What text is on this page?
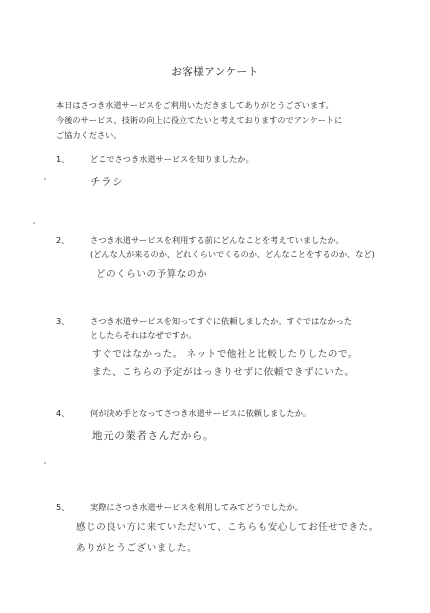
お客様アンケート
本日はさつき水道サービスをご利用いただきましてありがとうございます。
今後のサービス、技術の向上に役立てたいと考えておりますのでアンケートに
ご協力ください。
1、	どこでさつき水道サービスを知りましたか。
チラシ
2、	さつき水道サービスを利用する前にどんなことを考えていましたか。
(どんな人が来るのか、どれくらいでくるのか、どんなことをするのか、など)
どのくらいの予算なのか
3、	さつき水道サービスを知ってすぐに依頼しましたか。すぐではなかった
としたらそれはなぜですか。
すぐではなかった。 ネットで他社と比較したりしたので。
また、こちらの予定がはっきりせずに依頼できずにいた。
4、	何が決め手となってさつき水道サービスに依頼しましたか。
地元の業者さんだから。
5、	実際にさつき水道サービスを利用してみてどうでしたか。
感じの良い方に来ていただいて、こちらも安心してお任せできた。
ありがとうございました。
